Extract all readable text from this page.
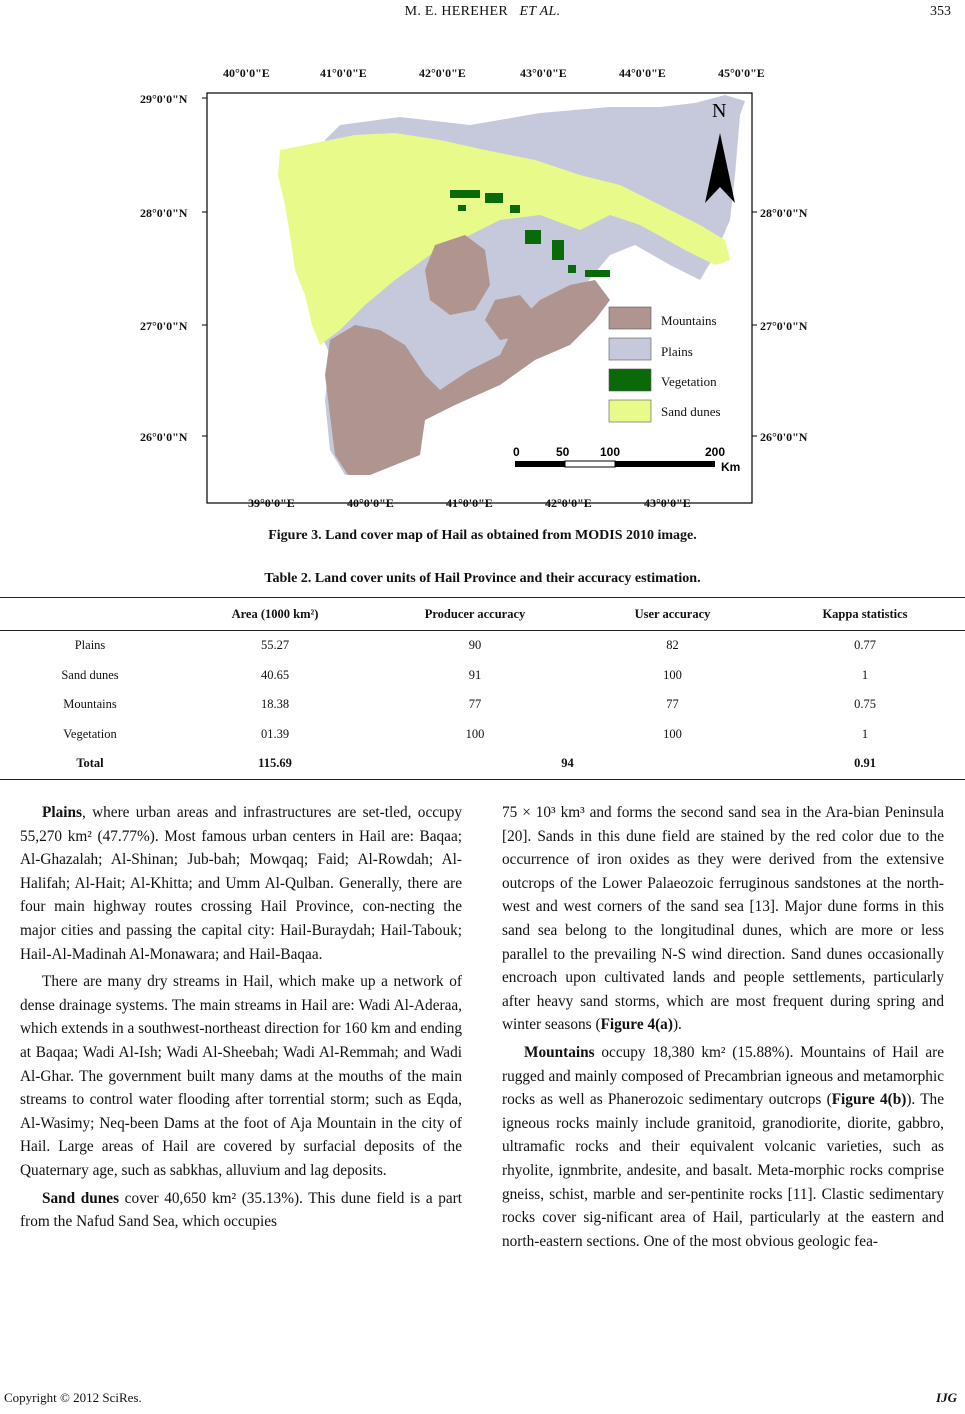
M. E. HEREHER ET AL.	353
40°0'0"E	41°0'0"E	42°0'0"E	43°0'0"E	44°0'0"E	45°0'0"E
39°0'0"E	40°0'0"E	41°0'0"E	42°0'0"E	43°0'0"E
29°0'0"N
28°0'0"N
27°0'0"N
26°0'0"N
28°0'0"N
27°0'0"N
26°0'0"N
N
Mountains
Plains
Vegetation
Sand dunes
0	50	100	200
Km
Figure 3. Land cover map of Hail as obtained from MODIS 2010 image.
Table 2. Land cover units of Hail Province and their accuracy estimation.
	Area (1000 km²)	Producer accuracy	User accuracy	Kappa statistics
Plains	55.27	90	82	0.77
Sand dunes	40.65	91	100	1
Mountains	18.38	77	77	0.75
Vegetation	01.39	100	100	1
Total	115.69	94		0.91

Plains, where urban areas and infrastructures are set-tled, occupy 55,270 km² (47.77%). Most famous urban centers in Hail are: Baqaa; Al-Ghazalah; Al-Shinan; Jub-bah; Mowqaq; Faid; Al-Rowdah; Al-Halifah; Al-Hait; Al-Khitta; and Umm Al-Qulban. Generally, there are four main highway routes crossing Hail Province, con-necting the major cities and passing the capital city: Hail-Buraydah; Hail-Tabouk; Hail-Al-Madinah Al-Monawara; and Hail-Baqaa.

There are many dry streams in Hail, which make up a network of dense drainage systems. The main streams in Hail are: Wadi Al-Aderaa, which extends in a southwest-northeast direction for 160 km and ending at Baqaa; Wadi Al-Ish; Wadi Al-Sheebah; Wadi Al-Remmah; and Wadi Al-Ghar. The government built many dams at the mouths of the main streams to control water flooding after torrential storm; such as Eqda, Al-Wasimy; Neq-been Dams at the foot of Aja Mountain in the city of Hail. Large areas of Hail are covered by surfacial deposits of the Quaternary age, such as sabkhas, alluvium and lag deposits.

Sand dunes cover 40,650 km² (35.13%). This dune field is a part from the Nafud Sand Sea, which occupies

75 × 10³ km³ and forms the second sand sea in the Ara-bian Peninsula [20]. Sands in this dune field are stained by the red color due to the occurrence of iron oxides as they were derived from the extensive outcrops of the Lower Palaeozoic ferruginous sandstones at the north-west and west corners of the sand sea [13]. Major dune forms in this sand sea belong to the longitudinal dunes, which are more or less parallel to the prevailing N-S wind direction. Sand dunes occasionally encroach upon cultivated lands and people settlements, particularly after heavy sand storms, which are most frequent during spring and winter seasons (Figure 4(a)).

Mountains occupy 18,380 km² (15.88%). Mountains of Hail are rugged and mainly composed of Precambrian igneous and metamorphic rocks as well as Phanerozoic sedimentary outcrops (Figure 4(b)). The igneous rocks mainly include granitoid, granodiorite, diorite, gabbro, ultramafic rocks and their equivalent volcanic varieties, such as rhyolite, ignmbrite, andesite, and basalt. Meta-morphic rocks comprise gneiss, schist, marble and ser-pentinite rocks [11]. Clastic sedimentary rocks cover sig-nificant area of Hail, particularly at the eastern and north-eastern sections. One of the most obvious geologic fea-

Copyright © 2012 SciRes.	IJG
